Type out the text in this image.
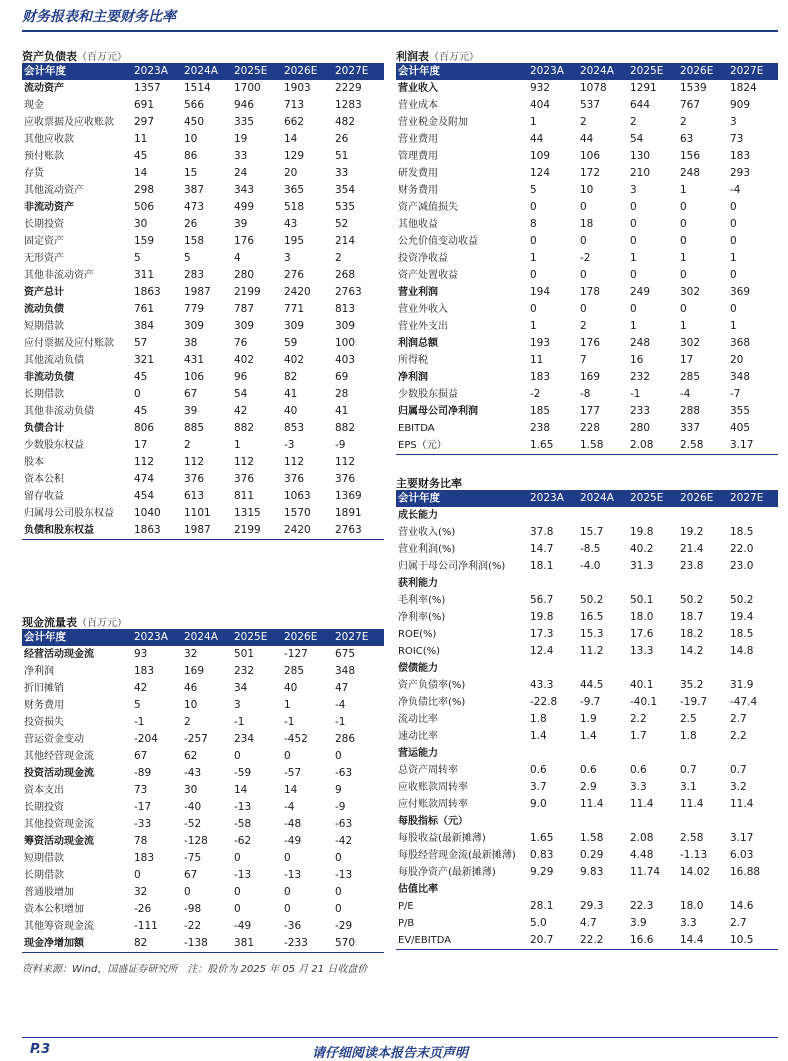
财务报表和主要财务比率
资产负债表（百万元）
会计年度	2023A	2024A	2025E	2026E	2027E
流动资产	1357	1514	1700	1903	2229
现金	691	566	946	713	1283
应收票据及应收账款	297	450	335	662	482
其他应收款	11	10	19	14	26
预付账款	45	86	33	129	51
存货	14	15	24	20	33
其他流动资产	298	387	343	365	354
非流动资产	506	473	499	518	535
长期投资	30	26	39	43	52
固定资产	159	158	176	195	214
无形资产	5	5	4	3	2
其他非流动资产	311	283	280	276	268
资产总计	1863	1987	2199	2420	2763
流动负债	761	779	787	771	813
短期借款	384	309	309	309	309
应付票据及应付账款	57	38	76	59	100
其他流动负债	321	431	402	402	403
非流动负债	45	106	96	82	69
长期借款	0	67	54	41	28
其他非流动负债	45	39	42	40	41
负债合计	806	885	882	853	882
少数股东权益	17	2	1	-3	-9
股本	112	112	112	112	112
资本公积	474	376	376	376	376
留存收益	454	613	811	1063	1369
归属母公司股东权益	1040	1101	1315	1570	1891
负债和股东权益	1863	1987	2199	2420	2763
利润表（百万元）
会计年度	2023A	2024A	2025E	2026E	2027E
营业收入	932	1078	1291	1539	1824
营业成本	404	537	644	767	909
营业税金及附加	1	2	2	2	3
营业费用	44	44	54	63	73
管理费用	109	106	130	156	183
研发费用	124	172	210	248	293
财务费用	5	10	3	1	-4
资产减值损失	0	0	0	0	0
其他收益	8	18	0	0	0
公允价值变动收益	0	0	0	0	0
投资净收益	1	-2	1	1	1
资产处置收益	0	0	0	0	0
营业利润	194	178	249	302	369
营业外收入	0	0	0	0	0
营业外支出	1	2	1	1	1
利润总额	193	176	248	302	368
所得税	11	7	16	17	20
净利润	183	169	232	285	348
少数股东损益	-2	-8	-1	-4	-7
归属母公司净利润	185	177	233	288	355
EBITDA	238	228	280	337	405
EPS（元）	1.65	1.58	2.08	2.58	3.17
主要财务比率
会计年度	2023A	2024A	2025E	2026E	2027E
成长能力					
营业收入(%)	37.8	15.7	19.8	19.2	18.5
营业利润(%)	14.7	-8.5	40.2	21.4	22.0
归属于母公司净利润(%)	18.1	-4.0	31.3	23.8	23.0
获利能力					
毛利率(%)	56.7	50.2	50.1	50.2	50.2
净利率(%)	19.8	16.5	18.0	18.7	19.4
ROE(%)	17.3	15.3	17.6	18.2	18.5
ROIC(%)	12.4	11.2	13.3	14.2	14.8
偿债能力					
资产负债率(%)	43.3	44.5	40.1	35.2	31.9
净负债比率(%)	-22.8	-9.7	-40.1	-19.7	-47.4
流动比率	1.8	1.9	2.2	2.5	2.7
速动比率	1.4	1.4	1.7	1.8	2.2
营运能力					
总资产周转率	0.6	0.6	0.6	0.7	0.7
应收账款周转率	3.7	2.9	3.3	3.1	3.2
应付账款周转率	9.0	11.4	11.4	11.4	11.4
每股指标（元）					
每股收益(最新摊薄)	1.65	1.58	2.08	2.58	3.17
每股经营现金流(最新摊薄)	0.83	0.29	4.48	-1.13	6.03
每股净资产(最新摊薄)	9.29	9.83	11.74	14.02	16.88
估值比率					
P/E	28.1	29.3	22.3	18.0	14.6
P/B	5.0	4.7	3.9	3.3	2.7
EV/EBITDA	20.7	22.2	16.6	14.4	10.5
现金流量表（百万元）
会计年度	2023A	2024A	2025E	2026E	2027E
经营活动现金流	93	32	501	-127	675
净利润	183	169	232	285	348
折旧摊销	42	46	34	40	47
财务费用	5	10	3	1	-4
投资损失	-1	2	-1	-1	-1
营运资金变动	-204	-257	234	-452	286
其他经营现金流	67	62	0	0	0
投资活动现金流	-89	-43	-59	-57	-63
资本支出	73	30	14	14	9
长期投资	-17	-40	-13	-4	-9
其他投资现金流	-33	-52	-58	-48	-63
筹资活动现金流	78	-128	-62	-49	-42
短期借款	183	-75	0	0	0
长期借款	0	67	-13	-13	-13
普通股增加	32	0	0	0	0
资本公积增加	-26	-98	0	0	0
其他筹资现金流	-111	-22	-49	-36	-29
现金净增加额	82	-138	381	-233	570
资料来源：Wind，国盛证券研究所　注：股价为 2025 年 05 月 21 日收盘价
P.3	请仔细阅读本报告末页声明
